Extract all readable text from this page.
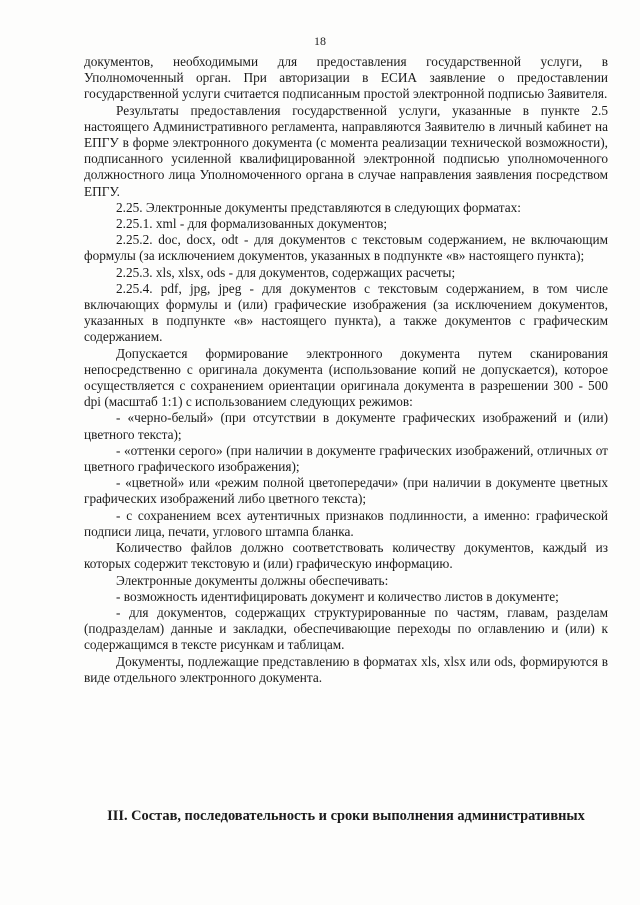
18

документов, необходимыми для предоставления государственной услуги, в Уполномоченный орган. При авторизации в ЕСИА заявление о предоставлении государственной услуги считается подписанным простой электронной подписью Заявителя.

Результаты предоставления государственной услуги, указанные в пункте 2.5 настоящего Административного регламента, направляются Заявителю в личный кабинет на ЕПГУ в форме электронного документа (с момента реализации технической возможности), подписанного усиленной квалифицированной электронной подписью уполномоченного должностного лица Уполномоченного органа в случае направления заявления посредством ЕПГУ.

2.25. Электронные документы представляются в следующих форматах:

2.25.1. xml - для формализованных документов;

2.25.2. doc, docx, odt - для документов с текстовым содержанием, не включающим формулы (за исключением документов, указанных в подпункте «в» настоящего пункта);

2.25.3. xls, xlsx, ods - для документов, содержащих расчеты;

2.25.4. pdf, jpg, jpeg - для документов с текстовым содержанием, в том числе включающих формулы и (или) графические изображения (за исключением документов, указанных в подпункте «в» настоящего пункта), а также документов с графическим содержанием.

Допускается формирование электронного документа путем сканирования непосредственно с оригинала документа (использование копий не допускается), которое осуществляется с сохранением ориентации оригинала документа в разрешении 300 - 500 dpi (масштаб 1:1) с использованием следующих режимов:

- «черно-белый» (при отсутствии в документе графических изображений и (или) цветного текста);

- «оттенки серого» (при наличии в документе графических изображений, отличных от цветного графического изображения);

- «цветной» или «режим полной цветопередачи» (при наличии в документе цветных графических изображений либо цветного текста);

- с сохранением всех аутентичных признаков подлинности, а именно: графической подписи лица, печати, углового штампа бланка.

Количество файлов должно соответствовать количеству документов, каждый из которых содержит текстовую и (или) графическую информацию.

Электронные документы должны обеспечивать:

- возможность идентифицировать документ и количество листов в документе;

- для документов, содержащих структурированные по частям, главам, разделам (подразделам) данные и закладки, обеспечивающие переходы по оглавлению и (или) к содержащимся в тексте рисункам и таблицам.

Документы, подлежащие представлению в форматах xls, xlsx или ods, формируются в виде отдельного электронного документа.

III. Состав, последовательность и сроки выполнения административных
